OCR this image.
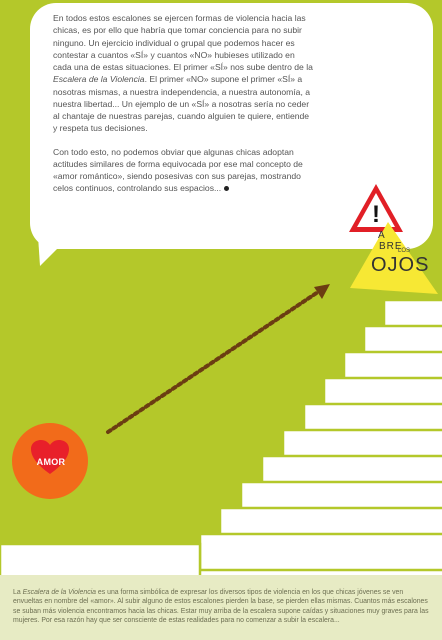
En todos estos escalones se ejercen formas de violencia hacia las chicas, es por ello que habría que tomar conciencia para no subir ninguno. Un ejercicio individual o grupal que podemos hacer es contestar a cuantos «SÍ» y cuantos «NO» hubieses utilizado en cada una de estas situaciones. El primer «SÍ» nos sube dentro de la Escalera de la Violencia. El primer «NO» supone el primer «SÍ» a nosotras mismas, a nuestra independencia, a nuestra autonomía, a nuestra libertad... Un ejemplo de un «SÍ» a nosotras sería no ceder al chantaje de nuestras parejas, cuando alguien te quiere, entiende y respeta tus decisiones.

Con todo esto, no podemos obviar que algunas chicas adoptan actitudes similares de forma equivocada por ese mal concepto de «amor romántico», siendo posesivas con sus parejas, mostrando celos continuos, controlando sus espacios...

!
A
BRE
LOS
OJOS
AMOR
La Escalera de la Violencia es una forma simbólica de expresar los diversos tipos de violencia en los que chicas jóvenes se ven envueltas en nombre del «amor». Al subir alguno de estos escalones pierden la base, se pierden ellas mismas. Cuantos más escalones se suban más violencia encontramos hacia las chicas. Estar muy arriba de la escalera supone caídas y situaciones muy graves para las mujeres. Por esa razón hay que ser consciente de estas realidades para no comenzar a subir la escalera...
